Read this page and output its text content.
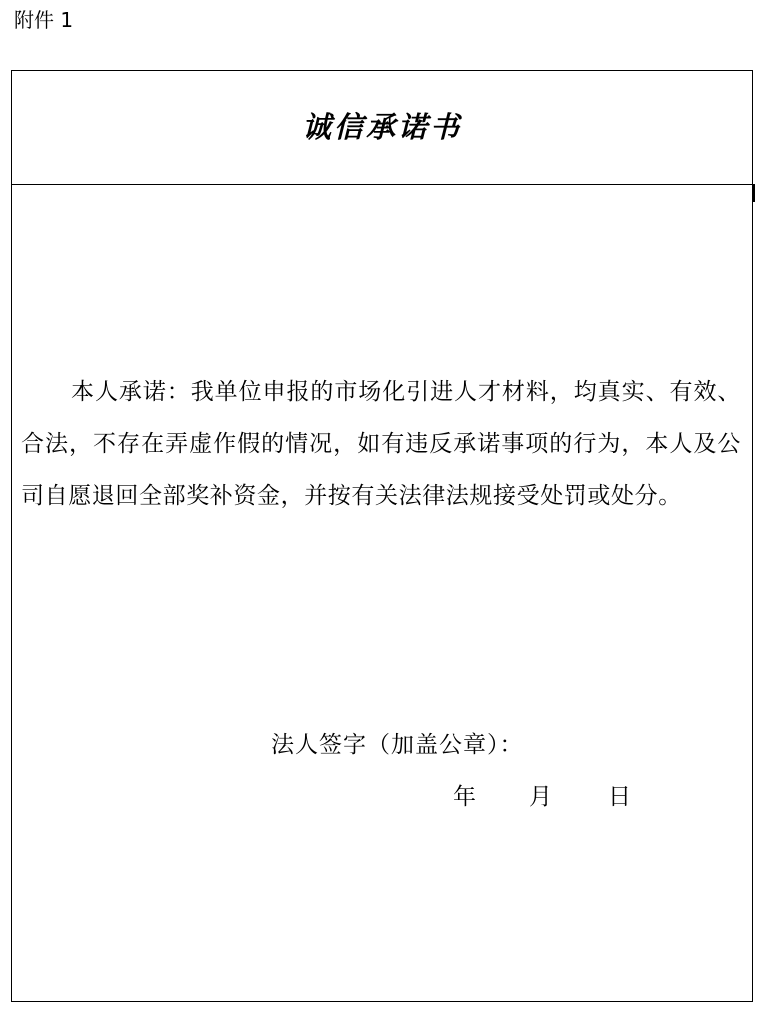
附件 1
诚信承诺书

本人承诺：我单位申报的市场化引进人才材料，均真实、有效、合法，不存在弄虚作假的情况，如有违反承诺事项的行为，本人及公司自愿退回全部奖补资金，并按有关法律法规接受处罚或处分。

法人签字（加盖公章）：
年 月 日
